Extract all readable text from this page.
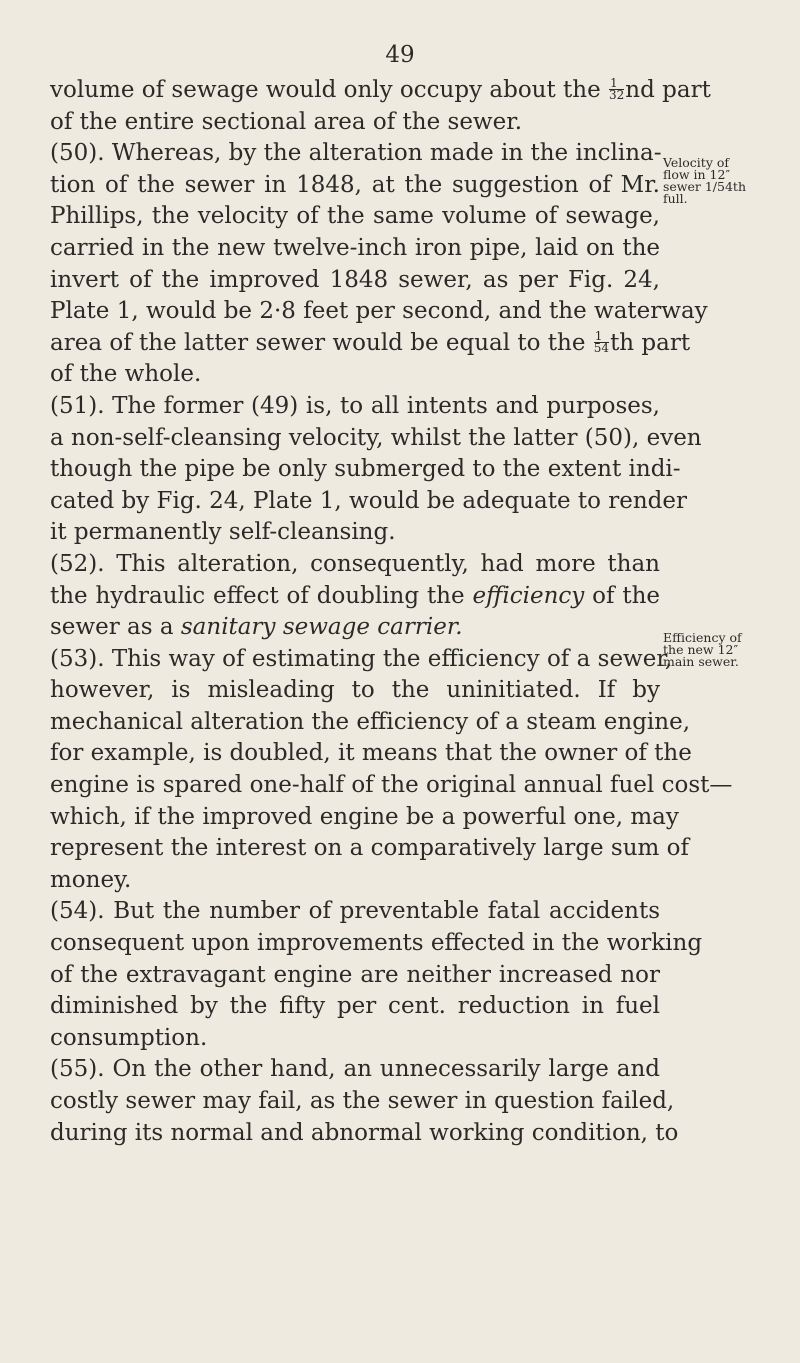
49
volume of sewage would only occupy about the $\frac{1}{32}$ nd part
of the entire sectional area of the sewer.
(50). Whereas, by the alteration made in the inclina-
tion of the sewer in 1848, at the suggestion of Mr.
Phillips, the velocity of the same volume of sewage,
carried in the new twelve-inch iron pipe, laid on the
invert of the improved 1848 sewer, as per Fig. 24,
Plate 1, would be 2·8 feet per second, and the waterway
area of the latter sewer would be equal to the $\frac{1}{54}$ th part
of the whole.
(51). The former (49) is, to all intents and purposes,
a non-self-cleansing velocity, whilst the latter (50), even
though the pipe be only submerged to the extent indi-
cated by Fig. 24, Plate 1, would be adequate to render
it permanently self-cleansing.
(52). This alteration, consequently, had more than
the hydraulic effect of doubling the efficiency of the
sewer as a sanitary sewage carrier.
(53). This way of estimating the efficiency of a sewer,
however, is misleading to the uninitiated. If by
mechanical alteration the efficiency of a steam engine,
for example, is doubled, it means that the owner of the
engine is spared one-half of the original annual fuel cost—
which, if the improved engine be a powerful one, may
represent the interest on a comparatively large sum of
money.
(54). But the number of preventable fatal accidents
consequent upon improvements effected in the working
of the extravagant engine are neither increased nor
diminished by the fifty per cent. reduction in fuel
consumption.
(55). On the other hand, an unnecessarily large and
costly sewer may fail, as the sewer in question failed,
during its normal and abnormal working condition, to
Velocity of
flow in 12″
sewer 1/54th
full.
Efficiency of
the new 12″
main sewer.
